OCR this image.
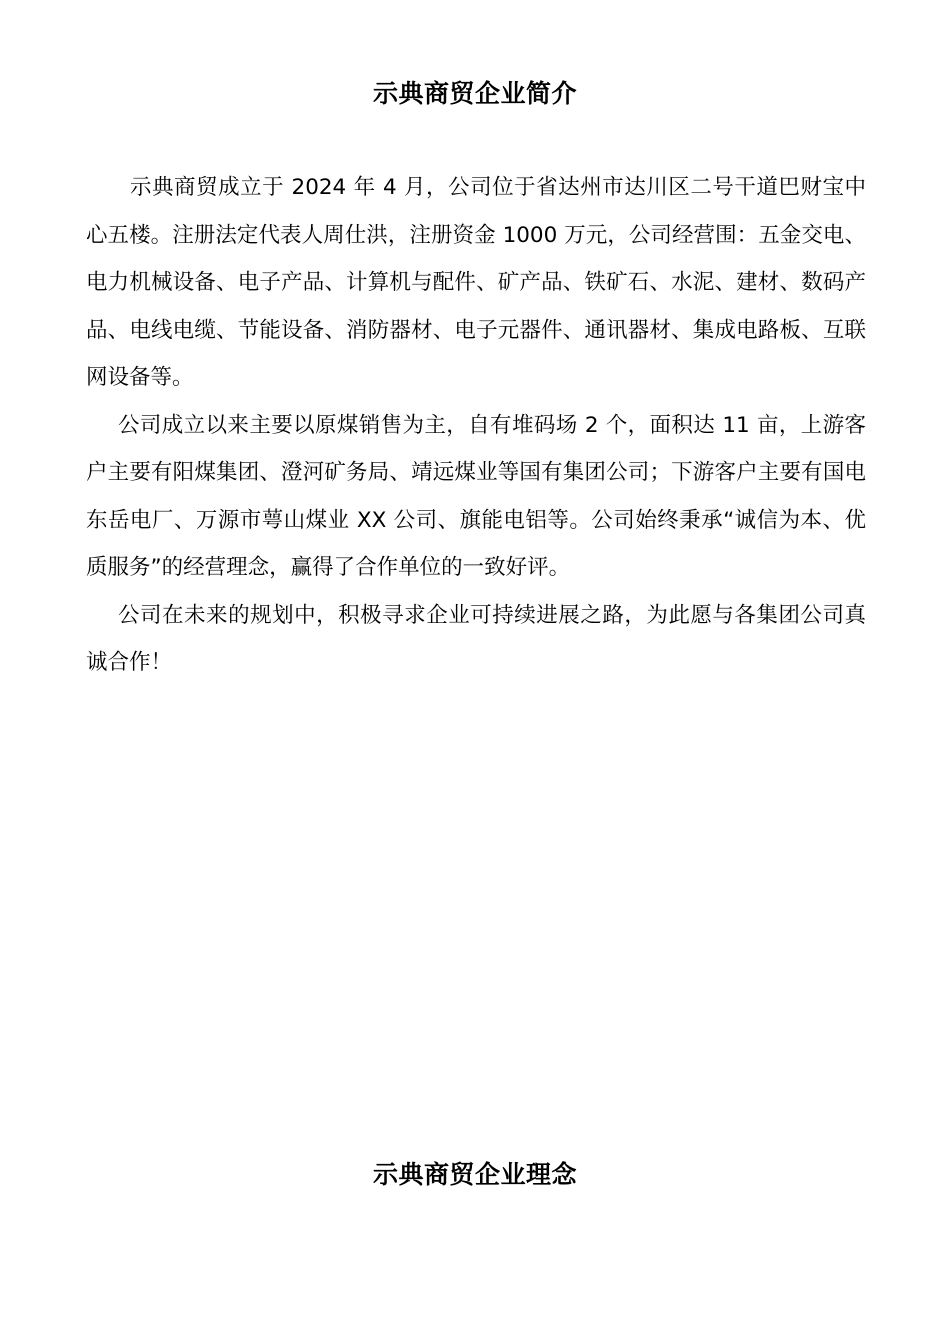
示典商贸企业简介

示典商贸成立于 2024 年 4 月，公司位于省达州市达川区二号干道巴财宝中心五楼。注册法定代表人周仕洪，注册资金 1000 万元，公司经营围：五金交电、电力机械设备、电子产品、计算机与配件、矿产品、铁矿石、水泥、建材、数码产品、电线电缆、节能设备、消防器材、电子元器件、通讯器材、集成电路板、互联网设备等。

公司成立以来主要以原煤销售为主，自有堆码场 2 个，面积达 11 亩，上游客户主要有阳煤集团、澄河矿务局、靖远煤业等国有集团公司；下游客户主要有国电东岳电厂、万源市萼山煤业 XX 公司、旗能电铝等。公司始终秉承“诚信为本、优质服务”的经营理念，赢得了合作单位的一致好评。

公司在未来的规划中，积极寻求企业可持续进展之路，为此愿与各集团公司真诚合作！

示典商贸企业理念
